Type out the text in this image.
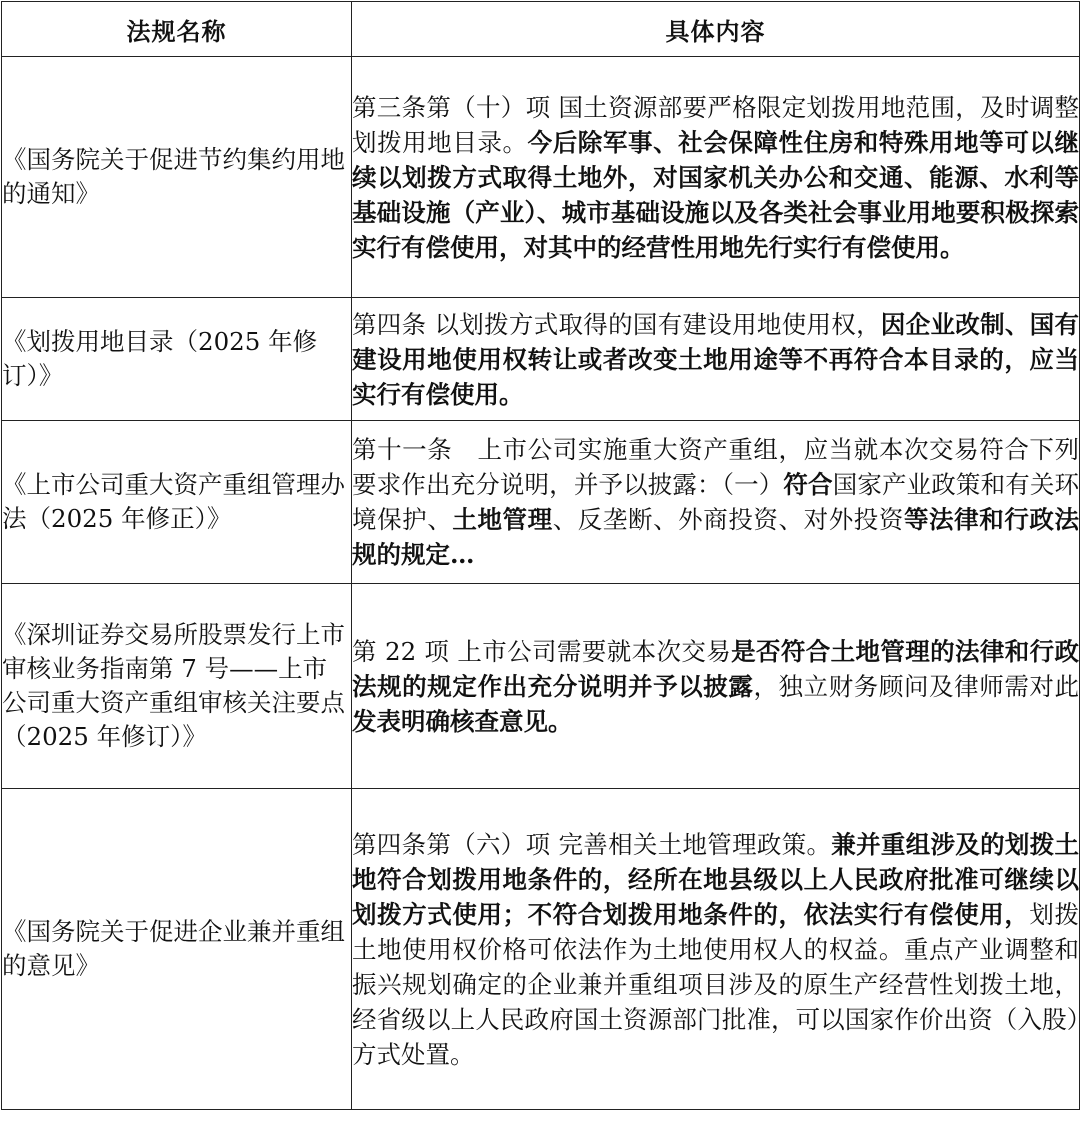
法规名称	具体内容
《国务院关于促进节约集约用地的通知》	第三条第（十）项 国土资源部要严格限定划拨用地范围，及时调整划拨用地目录。今后除军事、社会保障性住房和特殊用地等可以继续以划拨方式取得土地外，对国家机关办公和交通、能源、水利等基础设施（产业）、城市基础设施以及各类社会事业用地要积极探索实行有偿使用，对其中的经营性用地先行实行有偿使用。
《划拨用地目录（2025 年修订）》	第四条 以划拨方式取得的国有建设用地使用权，因企业改制、国有建设用地使用权转让或者改变土地用途等不再符合本目录的，应当实行有偿使用。
《上市公司重大资产重组管理办法（2025 年修正）》	第十一条　上市公司实施重大资产重组，应当就本次交易符合下列要求作出充分说明，并予以披露：（一）符合国家产业政策和有关环境保护、土地管理、反垄断、外商投资、对外投资等法律和行政法规的规定…
《深圳证券交易所股票发行上市审核业务指南第 7 号——上市公司重大资产重组审核关注要点（2025 年修订）》	第 22 项 上市公司需要就本次交易是否符合土地管理的法律和行政法规的规定作出充分说明并予以披露，独立财务顾问及律师需对此发表明确核查意见。
《国务院关于促进企业兼并重组的意见》	第四条第（六）项 完善相关土地管理政策。兼并重组涉及的划拨土地符合划拨用地条件的，经所在地县级以上人民政府批准可继续以划拨方式使用；不符合划拨用地条件的，依法实行有偿使用，划拨土地使用权价格可依法作为土地使用权人的权益。重点产业调整和振兴规划确定的企业兼并重组项目涉及的原生产经营性划拨土地，经省级以上人民政府国土资源部门批准，可以国家作价出资（入股）方式处置。
